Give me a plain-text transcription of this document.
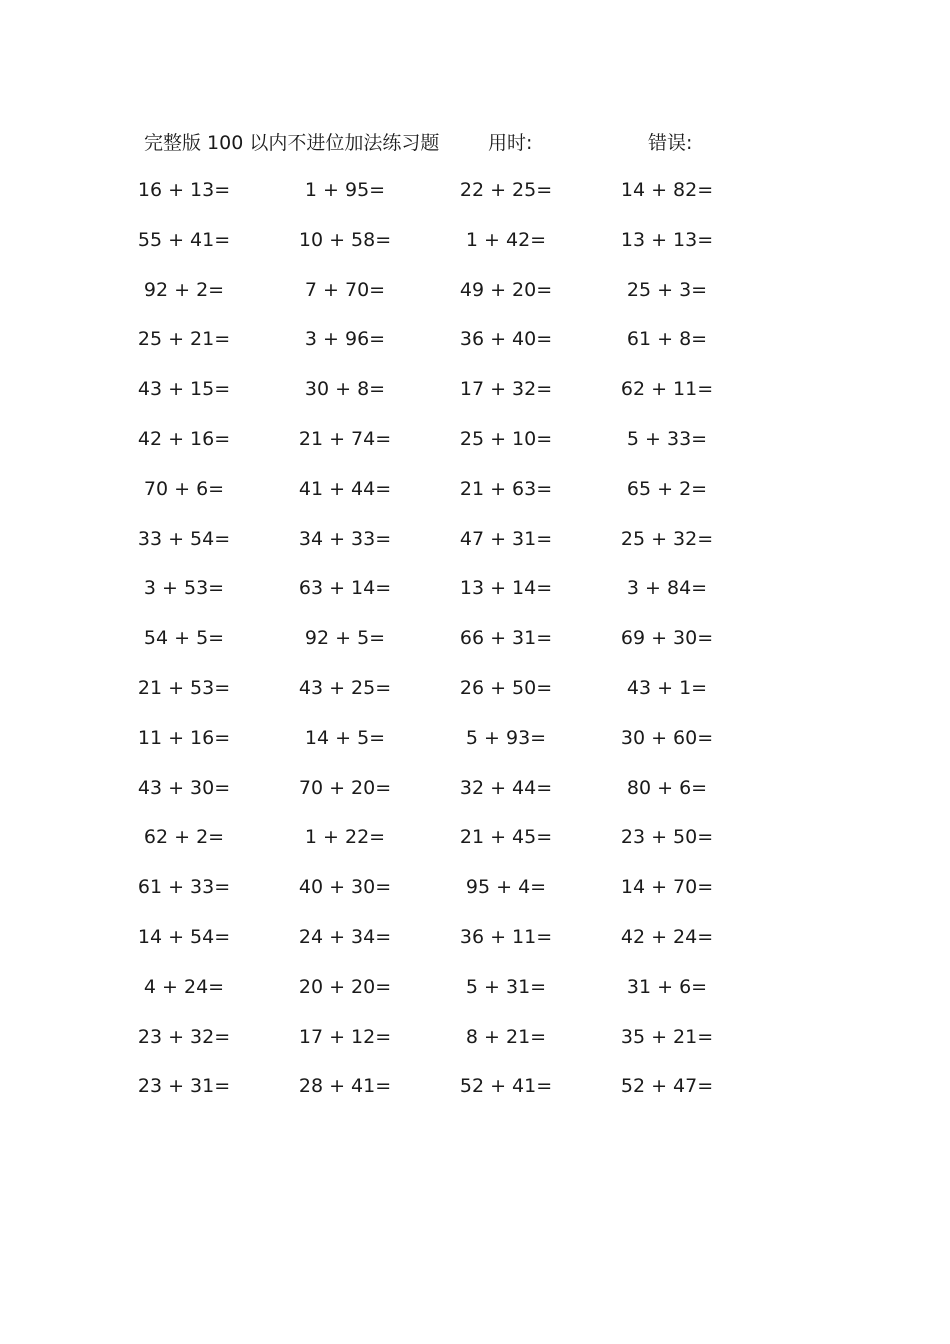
完整版 100 以内不进位加法练习题	用时:	错误:
16 + 13=	1 + 95=	22 + 25=	14 + 82=
55 + 41=	10 + 58=	1 + 42=	13 + 13=
92 + 2=	7 + 70=	49 + 20=	25 + 3=
25 + 21=	3 + 96=	36 + 40=	61 + 8=
43 + 15=	30 + 8=	17 + 32=	62 + 11=
42 + 16=	21 + 74=	25 + 10=	5 + 33=
70 + 6=	41 + 44=	21 + 63=	65 + 2=
33 + 54=	34 + 33=	47 + 31=	25 + 32=
3 + 53=	63 + 14=	13 + 14=	3 + 84=
54 + 5=	92 + 5=	66 + 31=	69 + 30=
21 + 53=	43 + 25=	26 + 50=	43 + 1=
11 + 16=	14 + 5=	5 + 93=	30 + 60=
43 + 30=	70 + 20=	32 + 44=	80 + 6=
62 + 2=	1 + 22=	21 + 45=	23 + 50=
61 + 33=	40 + 30=	95 + 4=	14 + 70=
14 + 54=	24 + 34=	36 + 11=	42 + 24=
4 + 24=	20 + 20=	5 + 31=	31 + 6=
23 + 32=	17 + 12=	8 + 21=	35 + 21=
23 + 31=	28 + 41=	52 + 41=	52 + 47=
